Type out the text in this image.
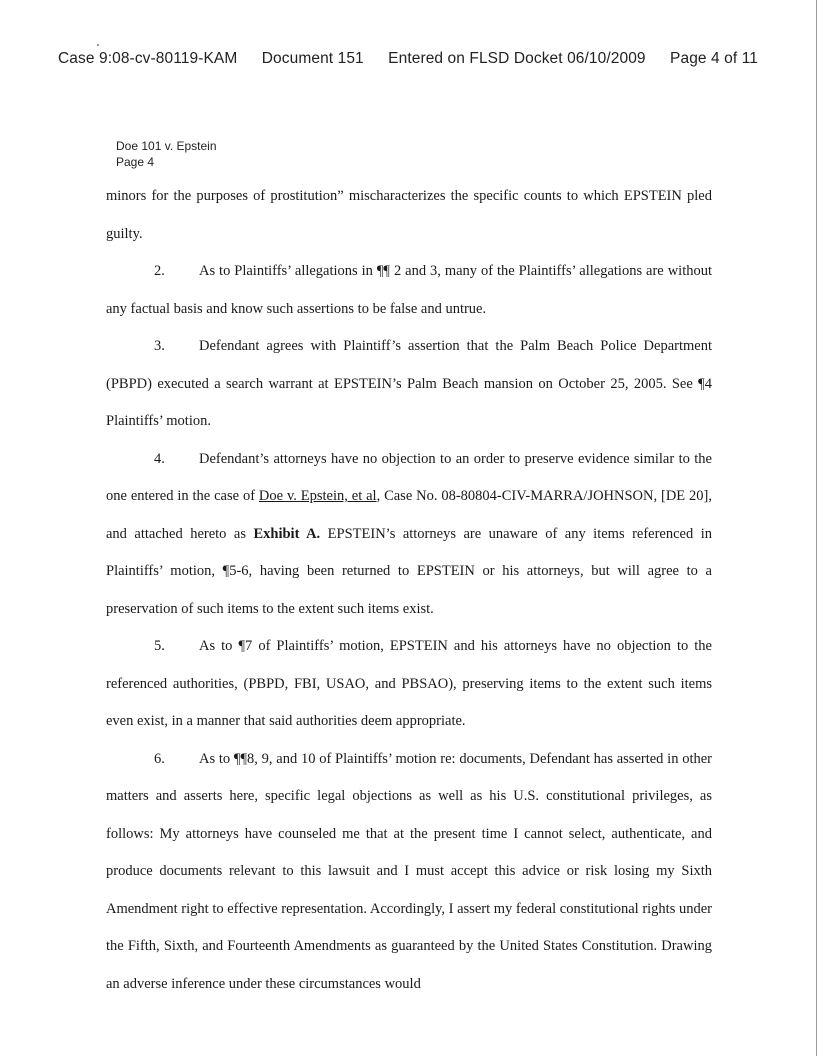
Case 9:08-cv-80119-KAM Document 151 Entered on FLSD Docket 06/10/2009 Page 4 of 11
Doe 101 v. Epstein
Page 4

minors for the purposes of prostitution” mischaracterizes the specific counts to which EPSTEIN pled guilty.

2. As to Plaintiffs’ allegations in ¶¶ 2 and 3, many of the Plaintiffs’ allegations are without any factual basis and know such assertions to be false and untrue.

3. Defendant agrees with Plaintiff’s assertion that the Palm Beach Police Department (PBPD) executed a search warrant at EPSTEIN’s Palm Beach mansion on October 25, 2005. See ¶4 Plaintiffs’ motion.

4. Defendant’s attorneys have no objection to an order to preserve evidence similar to the one entered in the case of Doe v. Epstein, et al, Case No. 08-80804-CIV-MARRA/JOHNSON, [DE 20], and attached hereto as Exhibit A. EPSTEIN’s attorneys are unaware of any items referenced in Plaintiffs’ motion, ¶5-6, having been returned to EPSTEIN or his attorneys, but will agree to a preservation of such items to the extent such items exist.

5. As to ¶7 of Plaintiffs’ motion, EPSTEIN and his attorneys have no objection to the referenced authorities, (PBPD, FBI, USAO, and PBSAO), preserving items to the extent such items even exist, in a manner that said authorities deem appropriate.

6. As to ¶¶8, 9, and 10 of Plaintiffs’ motion re: documents, Defendant has asserted in other matters and asserts here, specific legal objections as well as his U.S. constitutional privileges, as follows: My attorneys have counseled me that at the present time I cannot select, authenticate, and produce documents relevant to this lawsuit and I must accept this advice or risk losing my Sixth Amendment right to effective representation. Accordingly, I assert my federal constitutional rights under the Fifth, Sixth, and Fourteenth Amendments as guaranteed by the United States Constitution. Drawing an adverse inference under these circumstances would
